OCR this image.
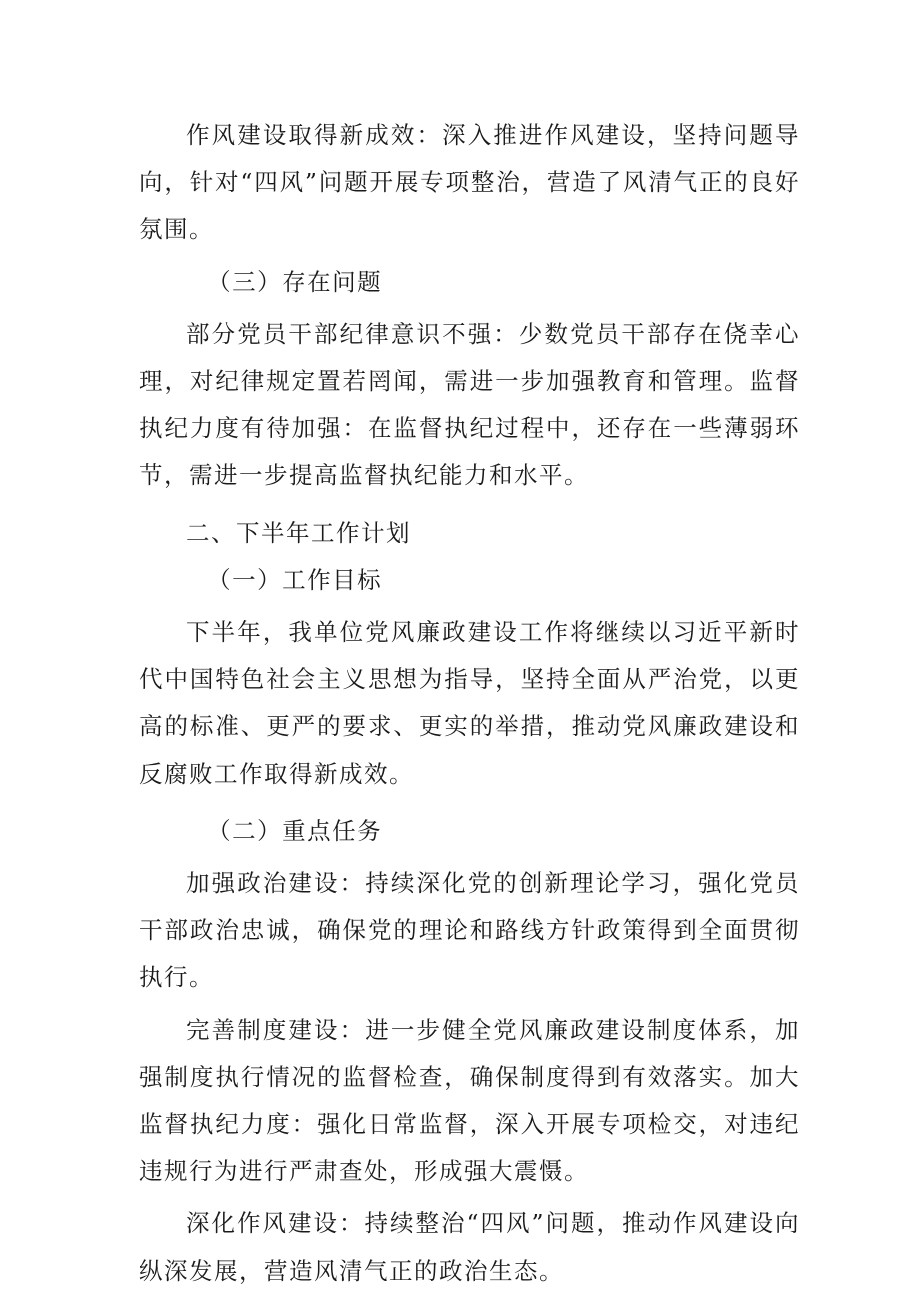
作风建设取得新成效：深入推进作风建设，坚持问题导向，针对“四风”问题开展专项整治，营造了风清气正的良好氛围。

（三）存在问题

部分党员干部纪律意识不强：少数党员干部存在侥幸心理，对纪律规定置若罔闻，需进一步加强教育和管理。监督执纪力度有待加强：在监督执纪过程中，还存在一些薄弱环节，需进一步提高监督执纪能力和水平。

二、下半年工作计划

（一）工作目标

下半年，我单位党风廉政建设工作将继续以习近平新时代中国特色社会主义思想为指导，坚持全面从严治党，以更高的标准、更严的要求、更实的举措，推动党风廉政建设和反腐败工作取得新成效。

（二）重点任务

加强政治建设：持续深化党的创新理论学习，强化党员干部政治忠诚，确保党的理论和路线方针政策得到全面贯彻执行。

完善制度建设：进一步健全党风廉政建设制度体系，加强制度执行情况的监督检查，确保制度得到有效落实。加大监督执纪力度：强化日常监督，深入开展专项检交，对违纪违规行为进行严肃查处，形成强大震慑。

深化作风建设：持续整治“四风”问题，推动作风建设向纵深发展，营造风清气正的政治生态。
